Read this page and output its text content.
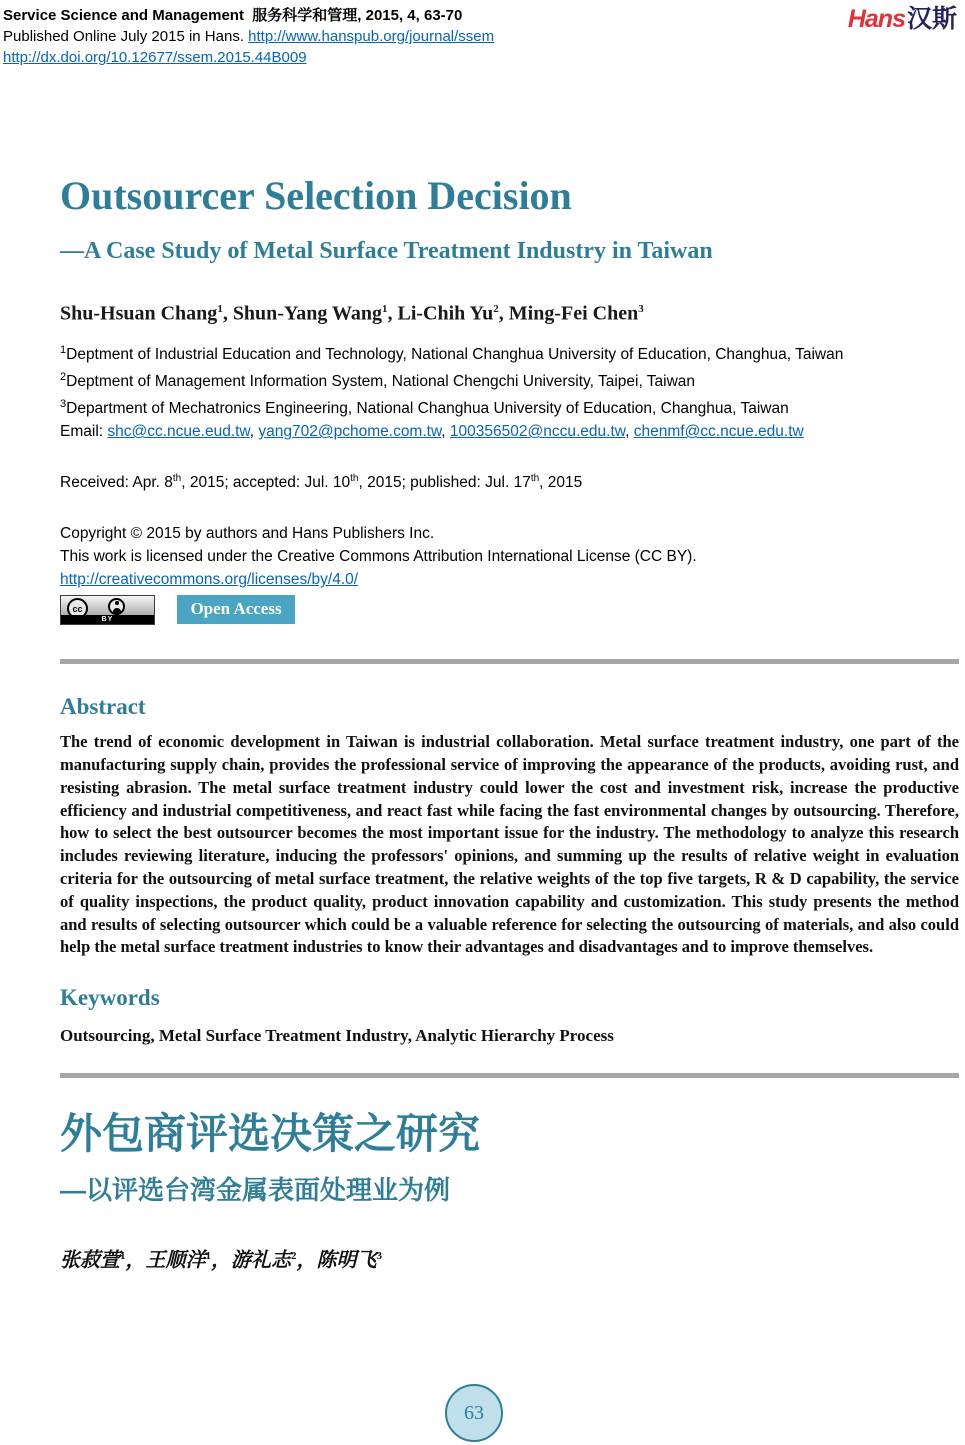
Service Science and Management  服务科学和管理, 2015, 4, 63-70
Published Online July 2015 in Hans. http://www.hanspub.org/journal/ssem
http://dx.doi.org/10.12677/ssem.2015.44B009
Hans汉斯
Outsourcer Selection Decision
—A Case Study of Metal Surface Treatment Industry in Taiwan
Shu-Hsuan Chang$^1$, Shun-Yang Wang$^1$, Li-Chih Yu$^2$, Ming-Fei Chen$^3$
$^1$Deptment of Industrial Education and Technology, National Changhua University of Education, Changhua, Taiwan
$^2$Deptment of Management Information System, National Chengchi University, Taipei, Taiwan
$^3$Department of Mechatronics Engineering, National Changhua University of Education, Changhua, Taiwan
Email: shc@cc.ncue.eud.tw, yang702@pchome.com.tw, 100356502@nccu.edu.tw, chenmf@cc.ncue.edu.tw
Received: Apr. 8th, 2015; accepted: Jul. 10th, 2015; published: Jul. 17th, 2015
Copyright © 2015 by authors and Hans Publishers Inc.
This work is licensed under the Creative Commons Attribution International License (CC BY).
http://creativecommons.org/licenses/by/4.0/
cc
BY
Open Access
Abstract
The trend of economic development in Taiwan is industrial collaboration. Metal surface treatment industry, one part of the manufacturing supply chain, provides the professional service of improving the appearance of the products, avoiding rust, and resisting abrasion. The metal surface treatment industry could lower the cost and investment risk, increase the productive efficiency and industrial competitiveness, and react fast while facing the fast environmental changes by outsourcing. Therefore, how to select the best outsourcer becomes the most important issue for the industry. The methodology to analyze this research includes reviewing literature, inducing the professors' opinions, and summing up the results of relative weight in evaluation criteria for the outsourcing of metal surface treatment, the relative weights of the top five targets, R & D capability, the service of quality inspections, the product quality, product innovation capability and customization. This study presents the method and results of selecting outsourcer which could be a valuable reference for selecting the outsourcing of materials, and also could help the metal surface treatment industries to know their advantages and disadvantages and to improve themselves.
Keywords
Outsourcing, Metal Surface Treatment Industry, Analytic Hierarchy Process
外包商评选决策之研究
—以评选台湾金属表面处理业为例
张菽萱$^1$，王顺洋$^1$，游礼志$^2$，陈明飞$^3$
63
